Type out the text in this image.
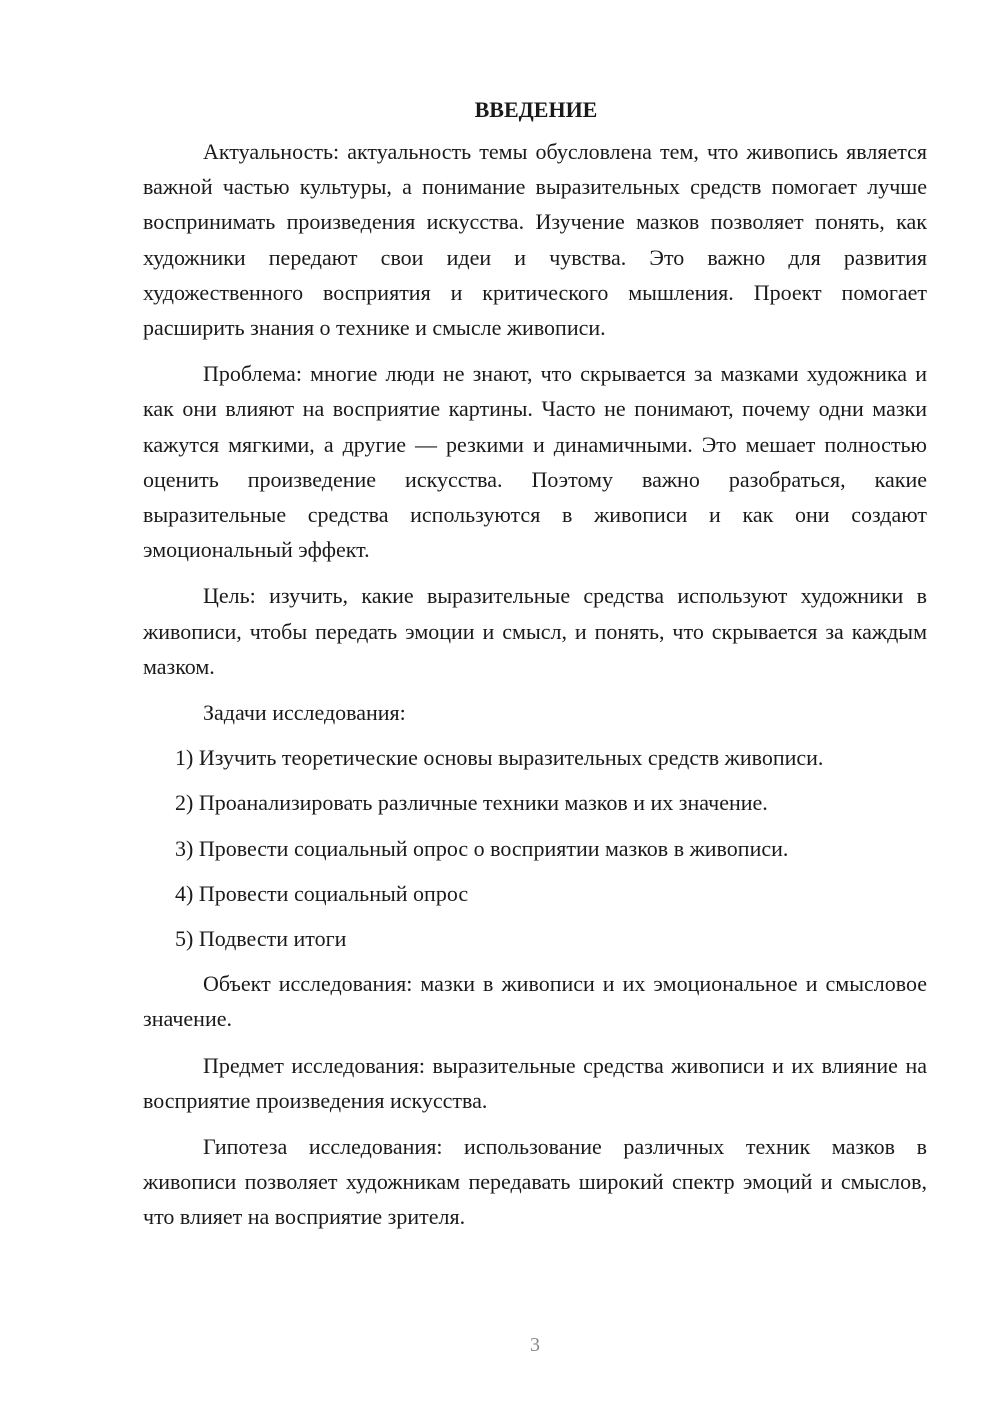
ВВЕДЕНИЕ

Актуальность: актуальность темы обусловлена тем, что живопись является важной частью культуры, а понимание выразительных средств помогает лучше воспринимать произведения искусства. Изучение мазков позволяет понять, как художники передают свои идеи и чувства. Это важно для развития художественного восприятия и критического мышления. Проект помогает расширить знания о технике и смысле живописи.

Проблема: многие люди не знают, что скрывается за мазками художника и как они влияют на восприятие картины. Часто не понимают, почему одни мазки кажутся мягкими, а другие — резкими и динамичными. Это мешает полностью оценить произведение искусства. Поэтому важно разобраться, какие выразительные средства используются в живописи и как они создают эмоциональный эффект.

Цель: изучить, какие выразительные средства используют художники в живописи, чтобы передать эмоции и смысл, и понять, что скрывается за каждым мазком.

Задачи исследования:

1) Изучить теоретические основы выразительных средств живописи.
2) Проанализировать различные техники мазков и их значение.
3) Провести социальный опрос о восприятии мазков в живописи.
4) Провести социальный опрос
5) Подвести итоги

Объект исследования: мазки в живописи и их эмоциональное и смысловое значение.

Предмет исследования: выразительные средства живописи и их влияние на восприятие произведения искусства.

Гипотеза исследования: использование различных техник мазков в живописи позволяет художникам передавать широкий спектр эмоций и смыслов, что влияет на восприятие зрителя.

3
